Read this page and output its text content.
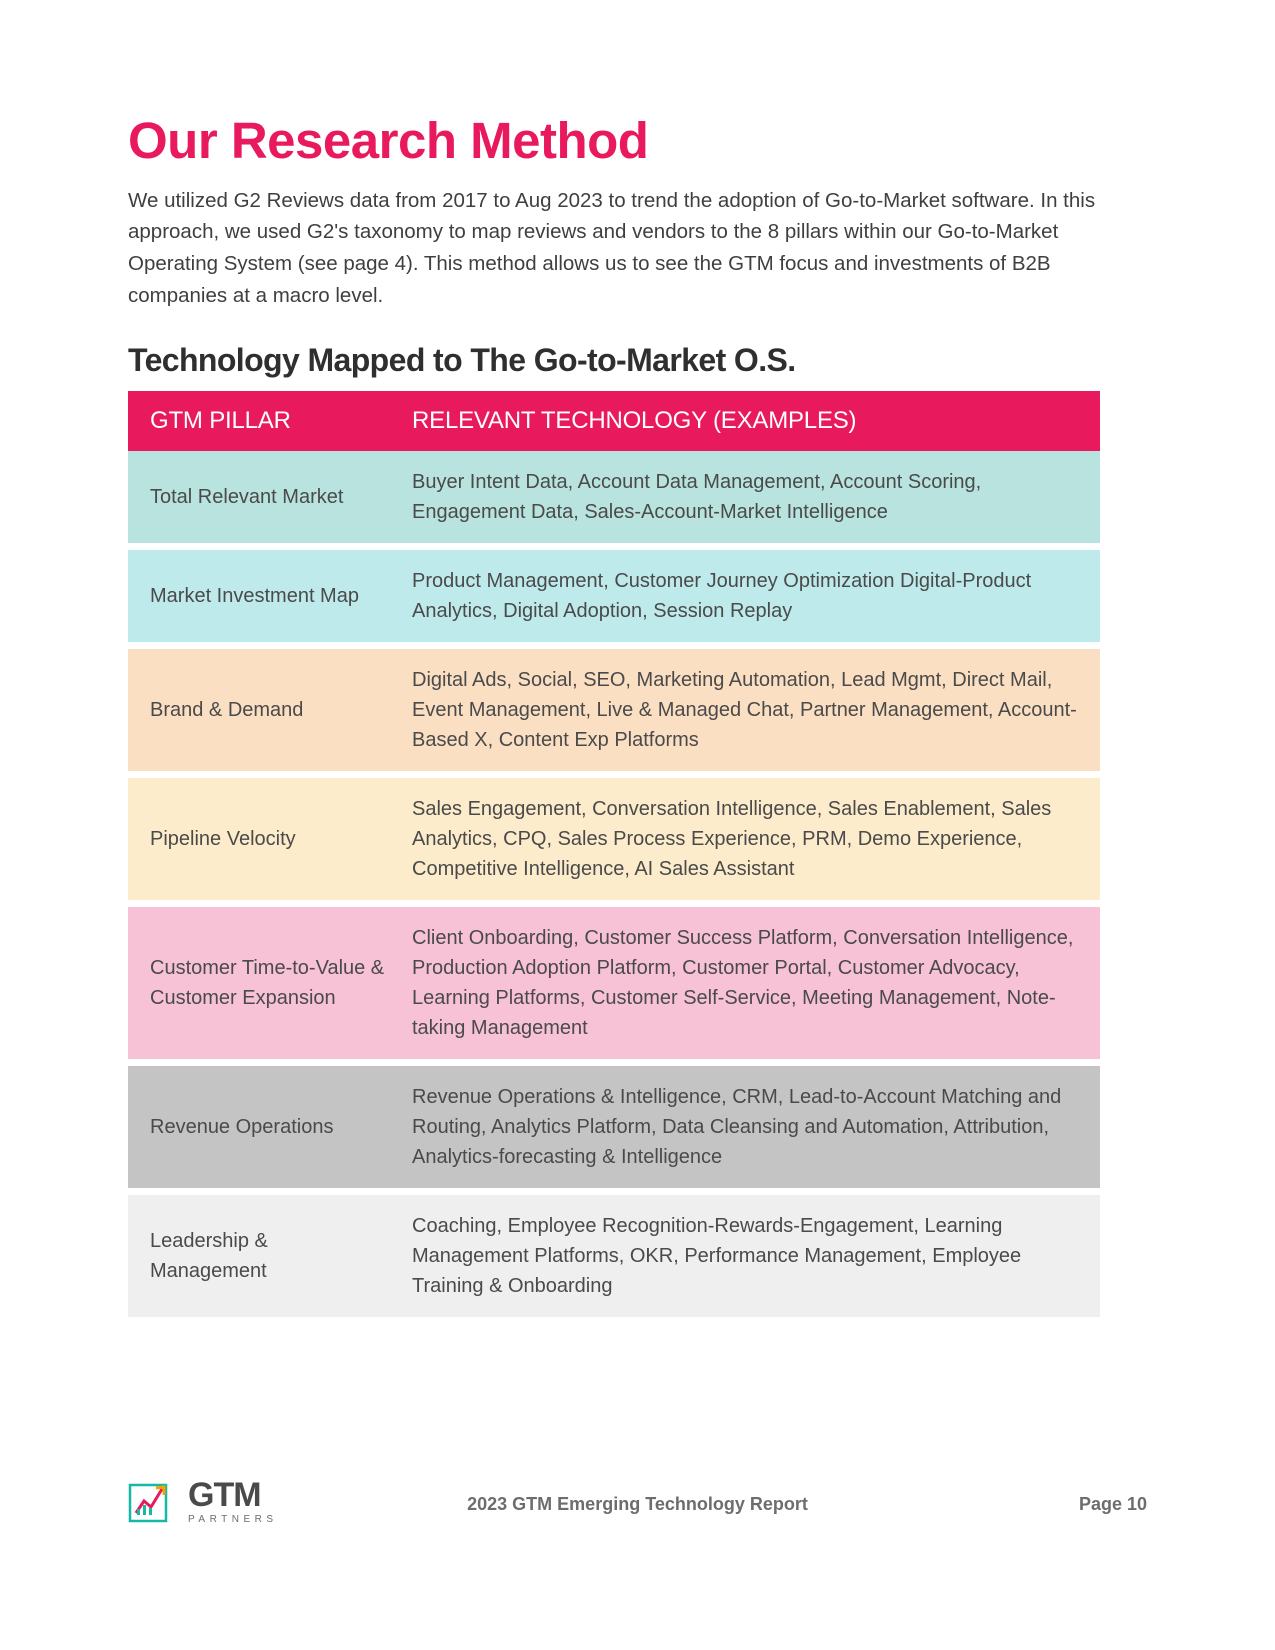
Our Research Method

We utilized G2 Reviews data from 2017 to Aug 2023 to trend the adoption of Go-to-Market software. In this approach, we used G2's taxonomy to map reviews and vendors to the 8 pillars within our Go-to-Market Operating System (see page 4). This method allows us to see the GTM focus and investments of B2B companies at a macro level.

Technology Mapped to The Go-to-Market O.S.
GTM PILLAR	RELEVANT TECHNOLOGY (EXAMPLES)
Total Relevant Market	Buyer Intent Data, Account Data Management, Account Scoring, Engagement Data, Sales-Account-Market Intelligence

Market Investment Map	Product Management, Customer Journey Optimization Digital-Product Analytics, Digital Adoption, Session Replay

Brand & Demand	Digital Ads, Social, SEO, Marketing Automation, Lead Mgmt, Direct Mail, Event Management, Live & Managed Chat, Partner Management, Account-Based X, Content Exp Platforms

Pipeline Velocity	Sales Engagement, Conversation Intelligence, Sales Enablement, Sales Analytics, CPQ, Sales Process Experience, PRM, Demo Experience, Competitive Intelligence, AI Sales Assistant

Customer Time-to-Value & Customer Expansion	Client Onboarding, Customer Success Platform, Conversation Intelligence, Production Adoption Platform, Customer Portal, Customer Advocacy, Learning Platforms, Customer Self-Service, Meeting Management, Note-taking Management

Revenue Operations	Revenue Operations & Intelligence, CRM, Lead-to-Account Matching and Routing, Analytics Platform, Data Cleansing and Automation, Attribution, Analytics-forecasting & Intelligence

Leadership & Management	Coaching, Employee Recognition-Rewards-Engagement, Learning Management Platforms, OKR, Performance Management, Employee Training & Onboarding
GTM
PARTNERS
2023 GTM Emerging Technology Report	Page 10
